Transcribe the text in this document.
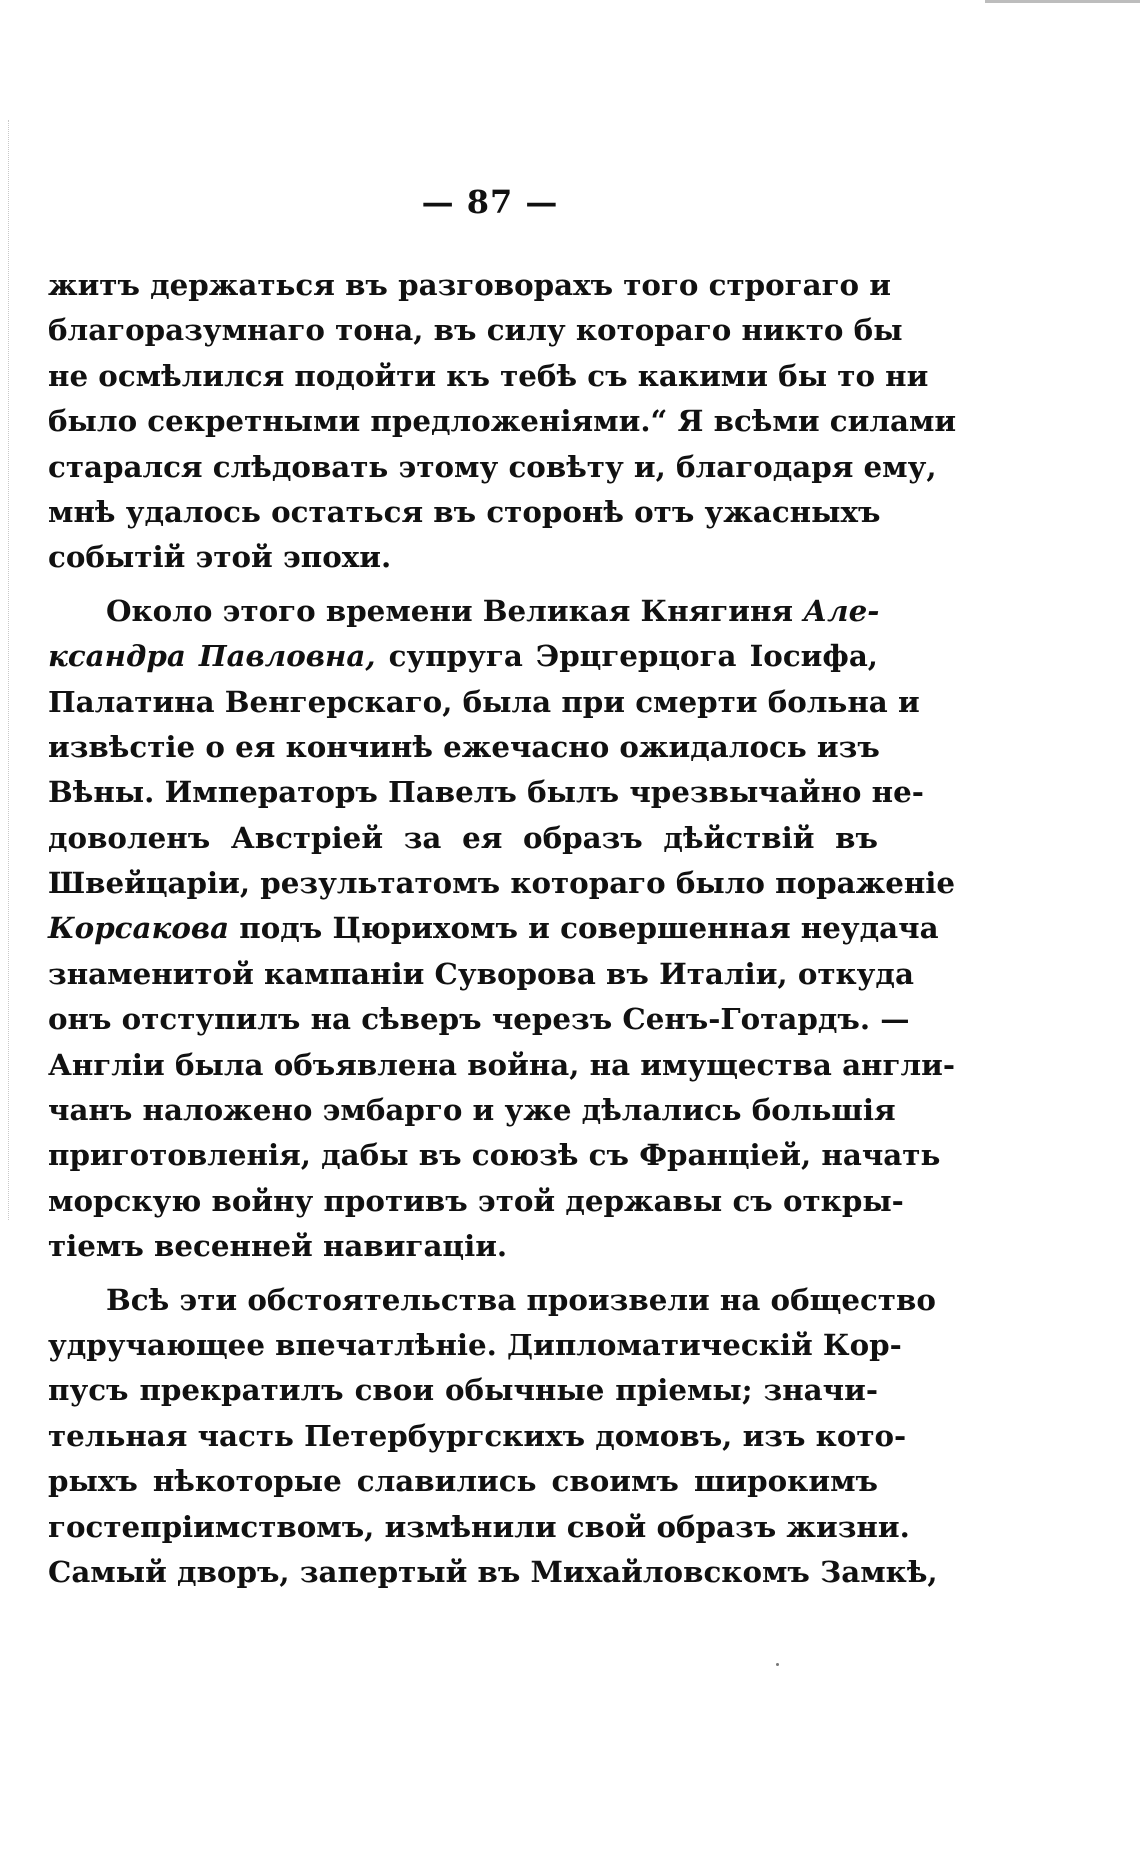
— 87 —
житъ держаться въ разговорахъ того строгаго и
благоразумнаго тона, въ силу котораго никто бы
не осмѣлился подойти къ тебѣ съ какими бы то ни
было секретными предложеніями.“ Я всѣми силами
старался слѣдовать этому совѣту и, благодаря ему,
мнѣ удалось остаться въ сторонѣ отъ ужасныхъ
событій этой эпохи.
Около этого времени Великая Княгиня Але-
ксандра Павловна, супруга Эрцгерцога Іосифа,
Палатина Венгерскаго, была при смерти больна и
извѣстіе о ея кончинѣ ежечасно ожидалось изъ
Вѣны. Императоръ Павелъ былъ чрезвычайно не-
доволенъ Австріей за ея образъ дѣйствій въ
Швейцаріи, результатомъ котораго было пораженіе
Корсакова подъ Цюрихомъ и совершенная неудача
знаменитой кампаніи Суворова въ Италіи, откуда
онъ отступилъ на сѣверъ черезъ Сенъ-Готардъ. —
Англіи была объявлена война, на имущества англи-
чанъ наложено эмбарго и уже дѣлались большія
приготовленія, дабы въ союзѣ съ Франціей, начать
морскую войну противъ этой державы съ откры-
тіемъ весенней навигаціи.
Всѣ эти обстоятельства произвели на общество
удручающее впечатлѣніе. Дипломатическій Кор-
пусъ прекратилъ свои обычные пріемы; значи-
тельная часть Петербургскихъ домовъ, изъ кото-
рыхъ нѣкоторые славились своимъ широкимъ
гостепріимствомъ, измѣнили свой образъ жизни.
Самый дворъ, запертый въ Михайловскомъ Замкѣ,
